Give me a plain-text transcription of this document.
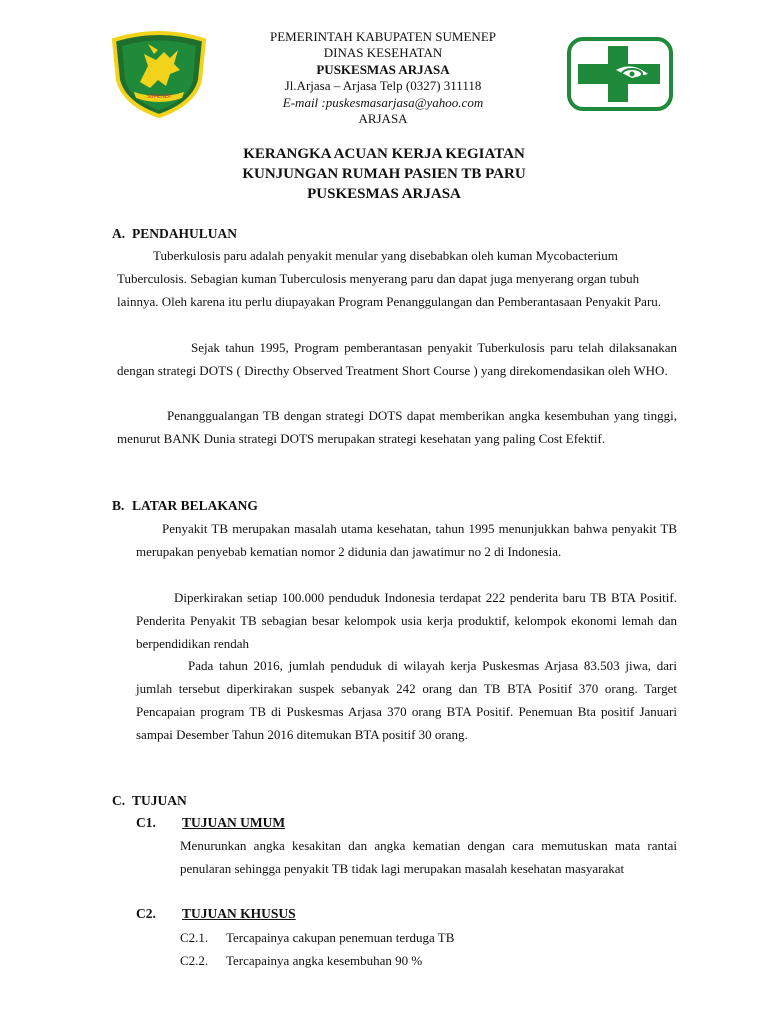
SUMENEP
PEMERINTAH KABUPATEN SUMENEP
DINAS KESEHATAN
PUSKESMAS ARJASA
Jl.Arjasa – Arjasa Telp (0327) 311118
E-mail :puskesmasarjasa@yahoo.com
ARJASA
KERANGKA ACUAN KERJA KEGIATAN
KUNJUNGAN RUMAH PASIEN TB PARU
PUSKESMAS ARJASA
A. PENDAHULUAN
Tuberkulosis paru adalah penyakit menular yang disebabkan oleh kuman Mycobacterium Tuberculosis. Sebagian kuman Tuberculosis menyerang paru dan dapat juga menyerang organ tubuh lainnya. Oleh karena itu perlu diupayakan Program Penanggulangan dan Pemberantasaan Penyakit Paru.
Sejak tahun 1995, Program pemberantasan penyakit Tuberkulosis paru telah dilaksanakan dengan strategi DOTS ( Directhy Observed Treatment Short Course ) yang direkomendasikan oleh WHO.
Penanggualangan TB dengan strategi DOTS dapat memberikan angka kesembuhan yang tinggi, menurut BANK Dunia strategi DOTS merupakan strategi kesehatan yang paling Cost Efektif.
B. LATAR BELAKANG
Penyakit TB merupakan masalah utama kesehatan, tahun 1995 menunjukkan bahwa penyakit TB merupakan penyebab kematian nomor 2 didunia dan jawatimur no 2 di Indonesia.
Diperkirakan setiap 100.000 penduduk Indonesia terdapat 222 penderita baru TB BTA Positif. Penderita Penyakit TB sebagian besar kelompok usia kerja produktif, kelompok ekonomi lemah dan berpendidikan rendah
Pada tahun 2016, jumlah penduduk di wilayah kerja Puskesmas Arjasa 83.503 jiwa, dari jumlah tersebut diperkirakan suspek sebanyak 242 orang dan TB BTA Positif 370 orang. Target Pencapaian program TB di Puskesmas Arjasa 370 orang BTA Positif. Penemuan Bta positif Januari sampai Desember Tahun 2016 ditemukan BTA positif 30 orang.
C. TUJUAN
C1. TUJUAN UMUM
Menurunkan angka kesakitan dan angka kematian dengan cara memutuskan mata rantai penularan sehingga penyakit TB tidak lagi merupakan masalah kesehatan masyarakat
C2. TUJUAN KHUSUS
C2.1. Tercapainya cakupan penemuan terduga TB
C2.2. Tercapainya angka kesembuhan 90 %
